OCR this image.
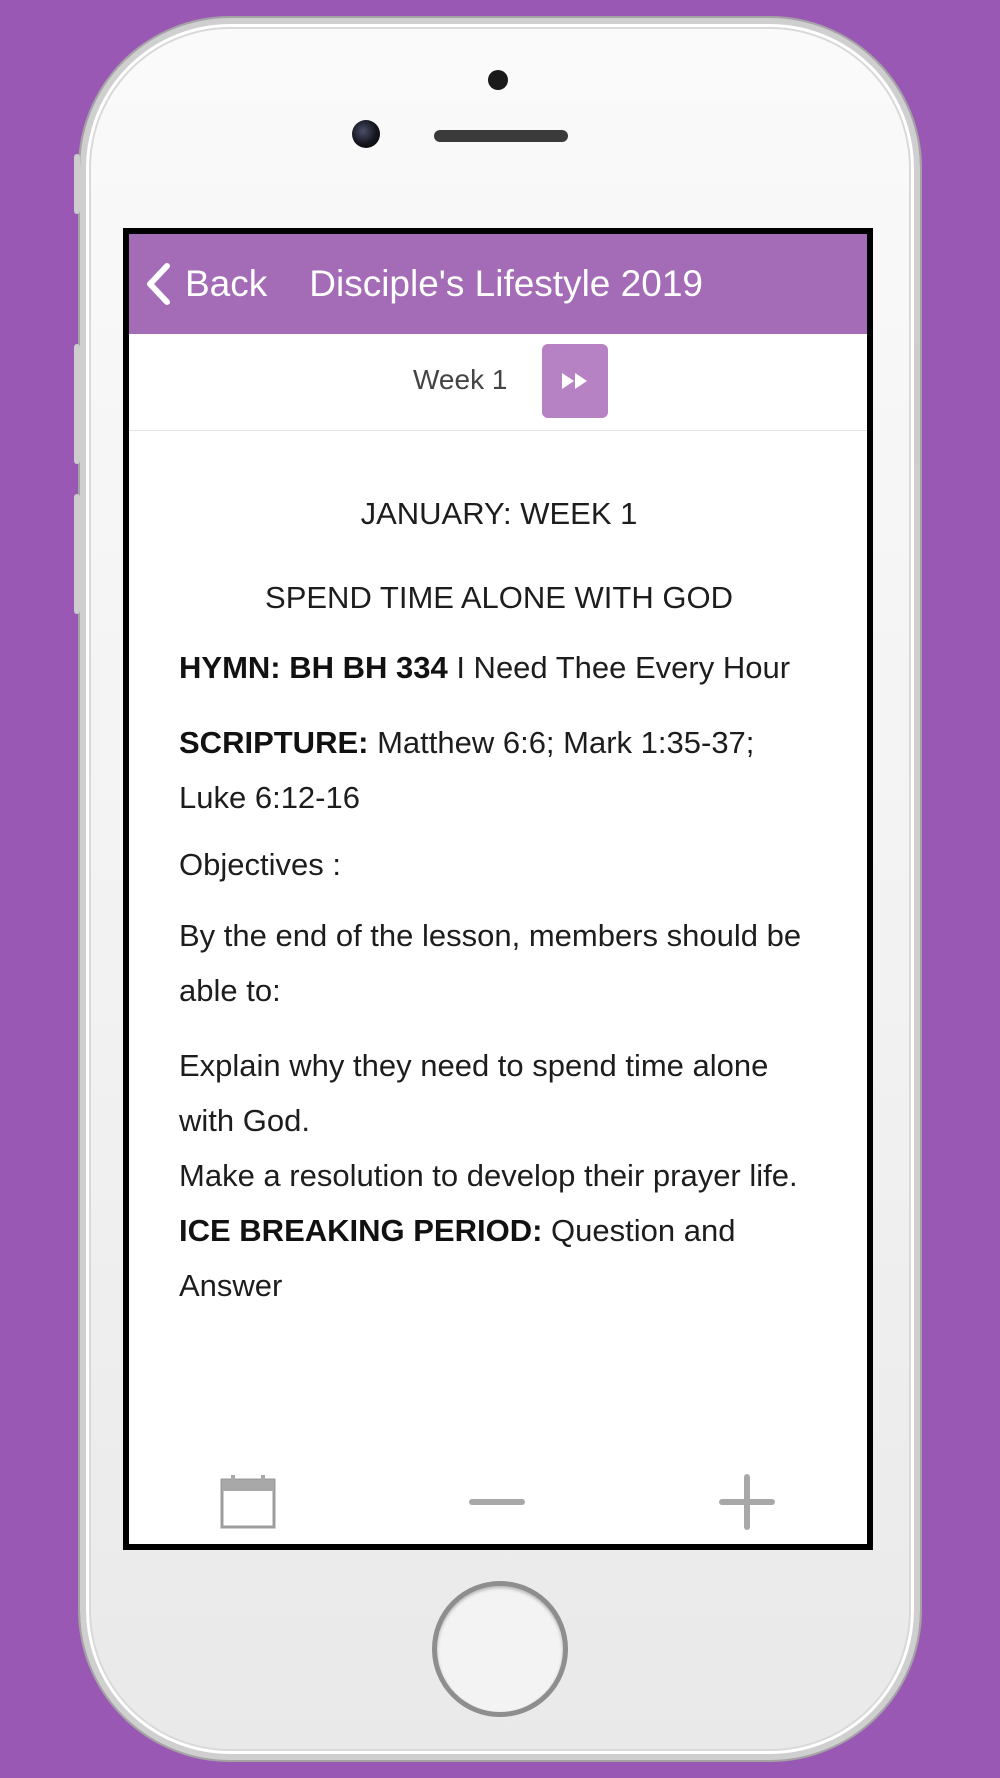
Back Disciple's Lifestyle 2019
Week 1
JANUARY: WEEK 1
SPEND TIME ALONE WITH GOD

HYMN: BH BH 334 I Need Thee Every Hour

SCRIPTURE: Matthew 6:6; Mark 1:35-37; Luke 6:12-16

Objectives :

By the end of the lesson, members should be able to:

Explain why they need to spend time alone with God.
Make a resolution to develop their prayer life.
ICE BREAKING PERIOD: Question and Answer
